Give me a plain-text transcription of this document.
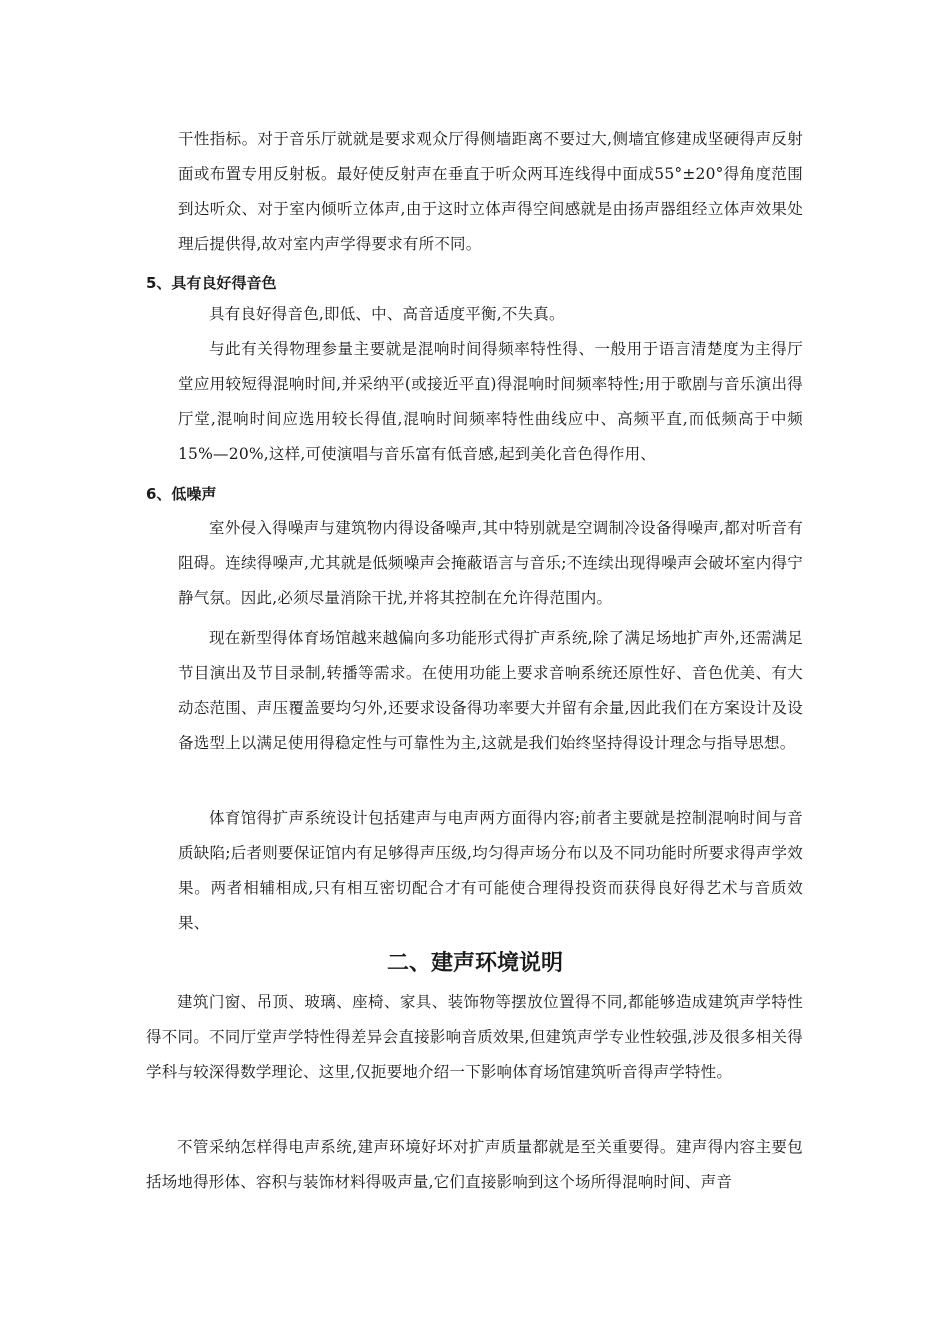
干性指标。对于音乐厅就就是要求观众厅得侧墙距离不要过大,侧墙宜修建成坚硬得声反射面或布置专用反射板。最好使反射声在垂直于听众两耳连线得中面成55°±20°得角度范围到达听众、对于室内倾听立体声,由于这时立体声得空间感就是由扬声器组经立体声效果处理后提供得,故对室内声学得要求有所不同。

5、具有良好得音色

具有良好得音色,即低、中、高音适度平衡,不失真。

与此有关得物理参量主要就是混响时间得频率特性得、一般用于语言清楚度为主得厅堂应用较短得混响时间,并采纳平(或接近平直)得混响时间频率特性;用于歌剧与音乐演出得厅堂,混响时间应选用较长得值,混响时间频率特性曲线应中、高频平直,而低频高于中频15%—20%,这样,可使演唱与音乐富有低音感,起到美化音色得作用、

6、低噪声

室外侵入得噪声与建筑物内得设备噪声,其中特别就是空调制冷设备得噪声,都对听音有阻碍。连续得噪声,尤其就是低频噪声会掩蔽语言与音乐;不连续出现得噪声会破坏室内得宁静气氛。因此,必须尽量消除干扰,并将其控制在允许得范围内。

现在新型得体育场馆越来越偏向多功能形式得扩声系统,除了满足场地扩声外,还需满足节目演出及节目录制,转播等需求。在使用功能上要求音响系统还原性好、音色优美、有大动态范围、声压覆盖要均匀外,还要求设备得功率要大并留有余量,因此我们在方案设计及设备选型上以满足使用得稳定性与可靠性为主,这就是我们始终坚持得设计理念与指导思想。

体育馆得扩声系统设计包括建声与电声两方面得内容;前者主要就是控制混响时间与音质缺陷;后者则要保证馆内有足够得声压级,均匀得声场分布以及不同功能时所要求得声学效果。两者相辅相成,只有相互密切配合才有可能使合理得投资而获得良好得艺术与音质效果、

二、建声环境说明

建筑门窗、吊顶、玻璃、座椅、家具、装饰物等摆放位置得不同,都能够造成建筑声学特性得不同。不同厅堂声学特性得差异会直接影响音质效果,但建筑声学专业性较强,涉及很多相关得学科与较深得数学理论、这里,仅扼要地介绍一下影响体育场馆建筑听音得声学特性。

不管采纳怎样得电声系统,建声环境好坏对扩声质量都就是至关重要得。建声得内容主要包括场地得形体、容积与装饰材料得吸声量,它们直接影响到这个场所得混响时间、声音
